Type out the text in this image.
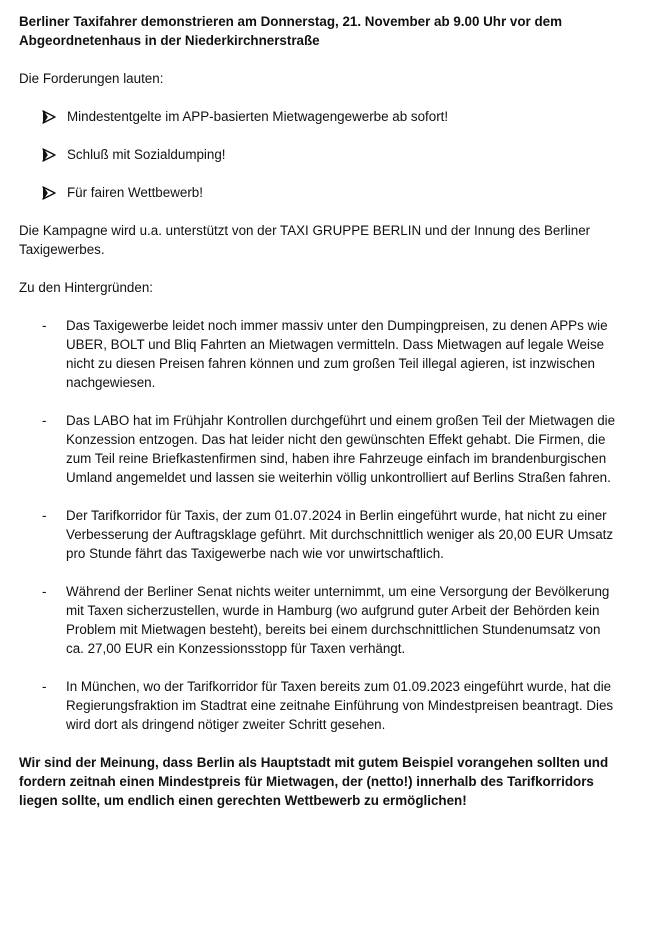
Berliner Taxifahrer demonstrieren am Donnerstag, 21. November ab 9.00 Uhr vor dem Abgeordnetenhaus in der Niederkirchnerstraße

Die Forderungen lauten:

Mindestentgelte im APP-basierten Mietwagengewerbe ab sofort!
Schluß mit Sozialdumping!
Für fairen Wettbewerb!

Die Kampagne wird u.a. unterstützt von der TAXI GRUPPE BERLIN und der Innung des Berliner Taxigewerbes.

Zu den Hintergründen:

- Das Taxigewerbe leidet noch immer massiv unter den Dumpingpreisen, zu denen APPs wie UBER, BOLT und Bliq Fahrten an Mietwagen vermitteln. Dass Mietwagen auf legale Weise nicht zu diesen Preisen fahren können und zum großen Teil illegal agieren, ist inzwischen nachgewiesen.
- Das LABO hat im Frühjahr Kontrollen durchgeführt und einem großen Teil der Mietwagen die Konzession entzogen. Das hat leider nicht den gewünschten Effekt gehabt. Die Firmen, die zum Teil reine Briefkastenfirmen sind, haben ihre Fahrzeuge einfach im brandenburgischen Umland angemeldet und lassen sie weiterhin völlig unkontrolliert auf Berlins Straßen fahren.
- Der Tarifkorridor für Taxis, der zum 01.07.2024 in Berlin eingeführt wurde, hat nicht zu einer Verbesserung der Auftragsklage geführt. Mit durchschnittlich weniger als 20,00 EUR Umsatz pro Stunde fährt das Taxigewerbe nach wie vor unwirtschaftlich.
- Während der Berliner Senat nichts weiter unternimmt, um eine Versorgung der Bevölkerung mit Taxen sicherzustellen, wurde in Hamburg (wo aufgrund guter Arbeit der Behörden kein Problem mit Mietwagen besteht), bereits bei einem durchschnittlichen Stundenumsatz von ca. 27,00 EUR ein Konzessionsstopp für Taxen verhängt.
- In München, wo der Tarifkorridor für Taxen bereits zum 01.09.2023 eingeführt wurde, hat die Regierungsfraktion im Stadtrat eine zeitnahe Einführung von Mindestpreisen beantragt. Dies wird dort als dringend nötiger zweiter Schritt gesehen.

Wir sind der Meinung, dass Berlin als Hauptstadt mit gutem Beispiel vorangehen sollten und fordern zeitnah einen Mindestpreis für Mietwagen, der (netto!) innerhalb des Tarifkorridors liegen sollte, um endlich einen gerechten Wettbewerb zu ermöglichen!
